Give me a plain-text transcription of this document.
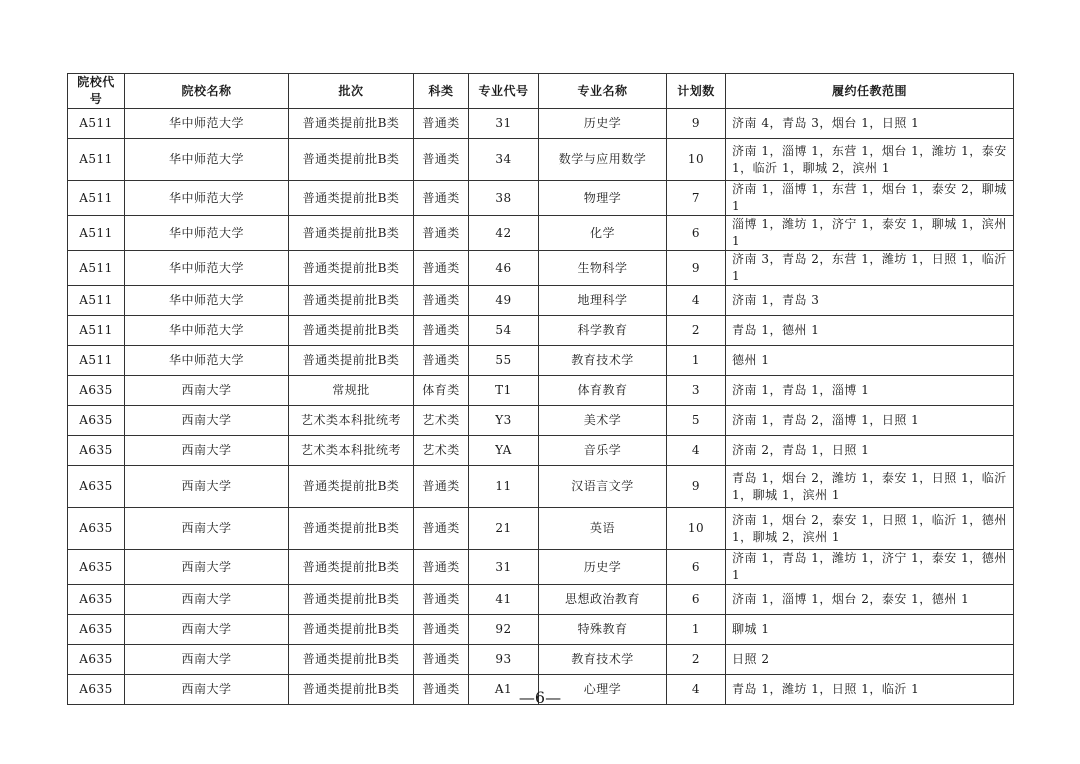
院校代号	院校名称	批次	科类	专业代号	专业名称	计划数	履约任教范围
A511	华中师范大学	普通类提前批B类	普通类	31	历史学	9	济南 4，青岛 3，烟台 1，日照 1
A511	华中师范大学	普通类提前批B类	普通类	34	数学与应用数学	10	济南 1，淄博 1，东营 1，烟台 1，潍坊 1，泰安 1，临沂 1，聊城 2，滨州 1
A511	华中师范大学	普通类提前批B类	普通类	38	物理学	7	济南 1，淄博 1，东营 1，烟台 1，泰安 2，聊城 1
A511	华中师范大学	普通类提前批B类	普通类	42	化学	6	淄博 1，潍坊 1，济宁 1，泰安 1，聊城 1，滨州 1
A511	华中师范大学	普通类提前批B类	普通类	46	生物科学	9	济南 3，青岛 2，东营 1，潍坊 1，日照 1，临沂 1
A511	华中师范大学	普通类提前批B类	普通类	49	地理科学	4	济南 1，青岛 3
A511	华中师范大学	普通类提前批B类	普通类	54	科学教育	2	青岛 1，德州 1
A511	华中师范大学	普通类提前批B类	普通类	55	教育技术学	1	德州 1
A635	西南大学	常规批	体育类	T1	体育教育	3	济南 1，青岛 1，淄博 1
A635	西南大学	艺术类本科批统考	艺术类	Y3	美术学	5	济南 1，青岛 2，淄博 1，日照 1
A635	西南大学	艺术类本科批统考	艺术类	YA	音乐学	4	济南 2，青岛 1，日照 1
A635	西南大学	普通类提前批B类	普通类	11	汉语言文学	9	青岛 1，烟台 2，潍坊 1，泰安 1，日照 1，临沂 1，聊城 1，滨州 1
A635	西南大学	普通类提前批B类	普通类	21	英语	10	济南 1，烟台 2，泰安 1，日照 1，临沂 1，德州 1，聊城 2，滨州 1
A635	西南大学	普通类提前批B类	普通类	31	历史学	6	济南 1，青岛 1，潍坊 1，济宁 1，泰安 1，德州 1
A635	西南大学	普通类提前批B类	普通类	41	思想政治教育	6	济南 1，淄博 1，烟台 2，泰安 1，德州 1
A635	西南大学	普通类提前批B类	普通类	92	特殊教育	1	聊城 1
A635	西南大学	普通类提前批B类	普通类	93	教育技术学	2	日照 2
A635	西南大学	普通类提前批B类	普通类	A1	心理学	4	青岛 1，潍坊 1，日照 1，临沂 1
—6—
